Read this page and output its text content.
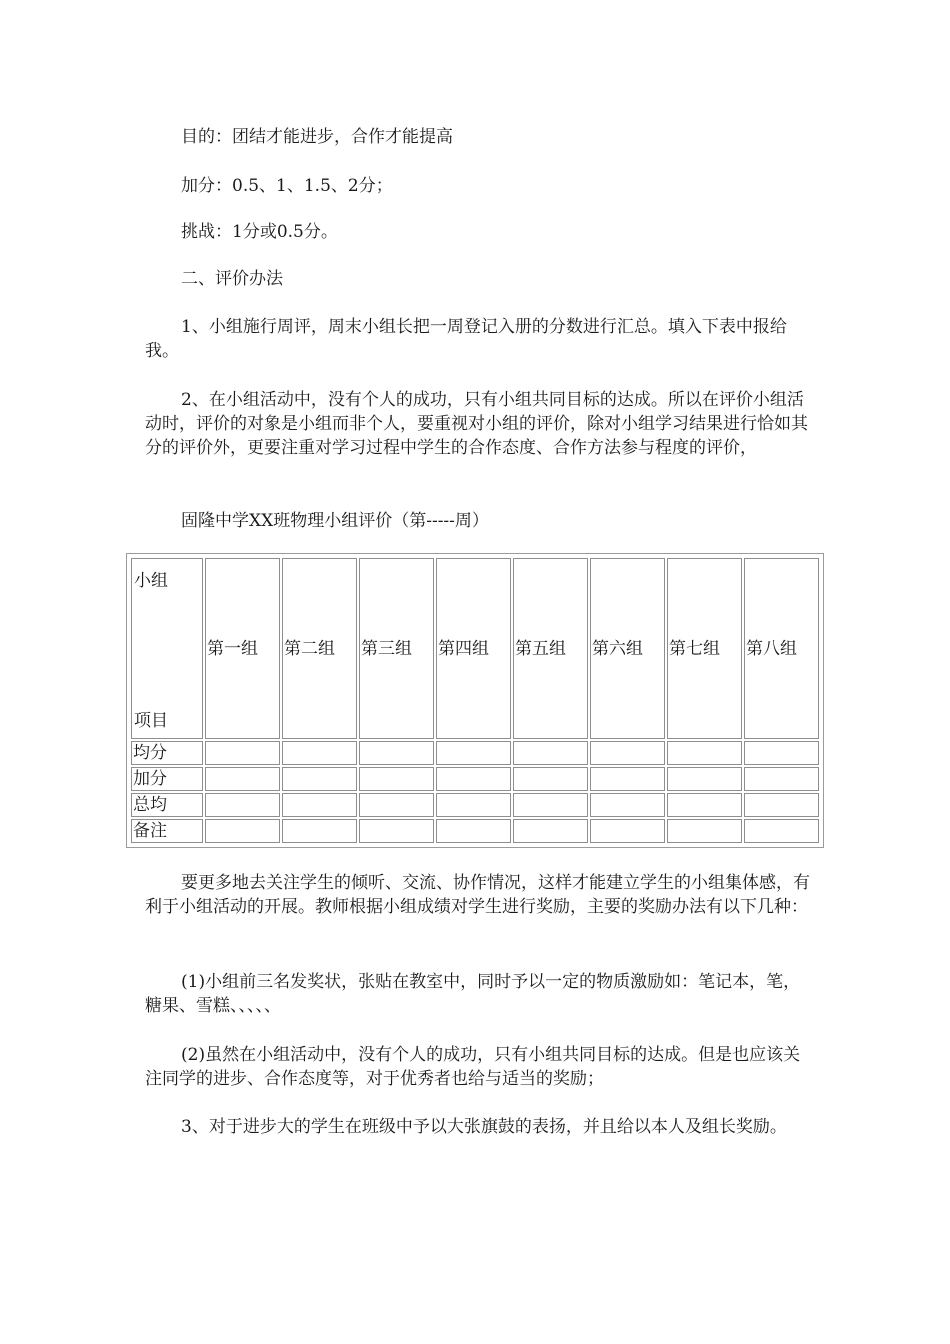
目的：团结才能进步，合作才能提高

加分：0.5、1、1.5、2分；

挑战：1分或0.5分。

二、评价办法

1、小组施行周评，周末小组长把一周登记入册的分数进行汇总。填入下表中报给我。

2、在小组活动中，没有个人的成功，只有小组共同目标的达成。所以在评价小组活动时，评价的对象是小组而非个人，要重视对小组的评价，除对小组学习结果进行恰如其分的评价外，更要注重对学习过程中学生的合作态度、合作方法参与程度的评价，

固隆中学XX班物理小组评价（第-----周）

小组
项目	第一组	第二组	第三组	第四组	第五组	第六组	第七组	第八组
均分								
加分								
总均								
备注								

要更多地去关注学生的倾听、交流、协作情况，这样才能建立学生的小组集体感，有利于小组活动的开展。教师根据小组成绩对学生进行奖励，主要的奖励办法有以下几种：

(1)小组前三名发奖状，张贴在教室中，同时予以一定的物质激励如：笔记本，笔，糖果、雪糕、、、、、

(2)虽然在小组活动中，没有个人的成功，只有小组共同目标的达成。但是也应该关注同学的进步、合作态度等，对于优秀者也给与适当的奖励；

3、对于进步大的学生在班级中予以大张旗鼓的表扬，并且给以本人及组长奖励。
